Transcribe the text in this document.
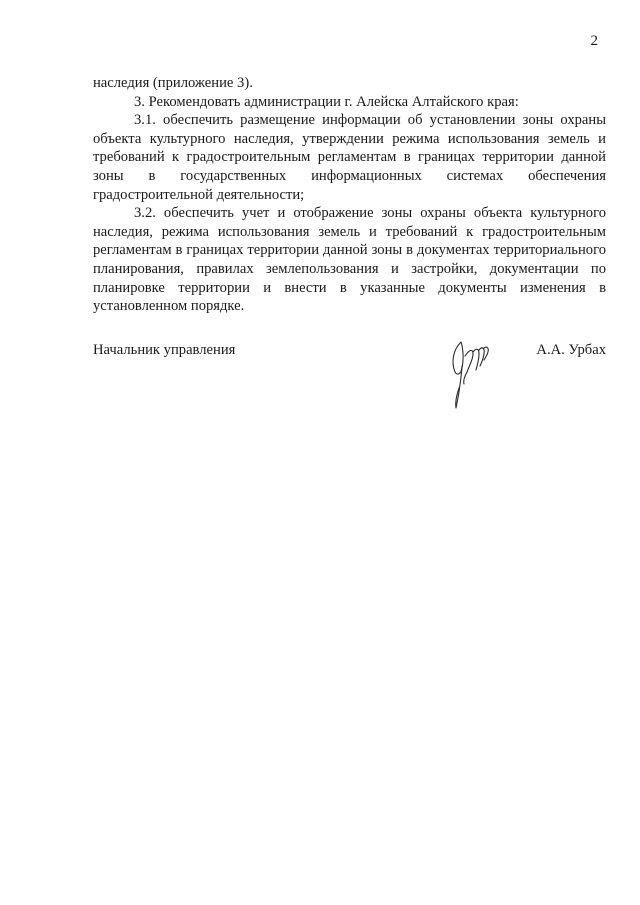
2

наследия (приложение 3).

3. Рекомендовать администрации г. Алейска Алтайского края:

3.1. обеспечить размещение информации об установлении зоны охраны объекта культурного наследия, утверждении режима использования земель и требований к градостроительным регламентам в границах территории данной зоны в государственных информационных системах обеспечения градостроительной деятельности;

3.2. обеспечить учет и отображение зоны охраны объекта культурного наследия, режима использования земель и требований к градостроительным регламентам в границах территории данной зоны в документах территориального планирования, правилах землепользования и застройки, документации по планировке территории и внести в указанные документы изменения в установленном порядке.

Начальник управления	А.А. Урбах
